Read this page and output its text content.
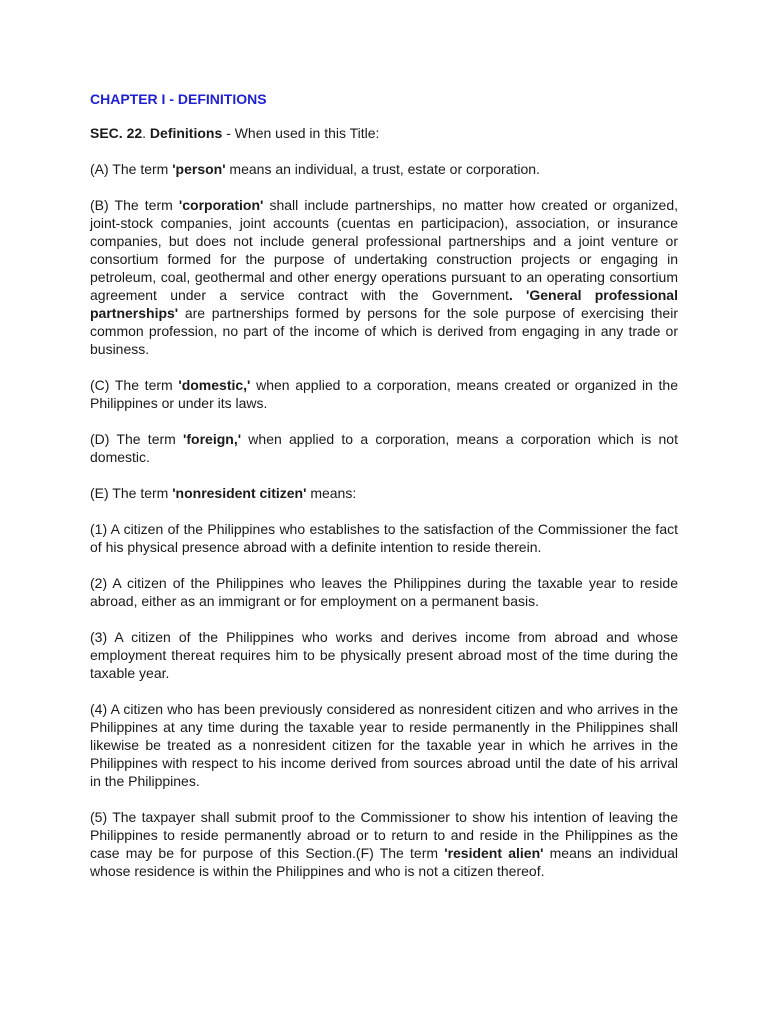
CHAPTER I - DEFINITIONS

SEC. 22. Definitions - When used in this Title:

(A) The term 'person' means an individual, a trust, estate or corporation.

(B) The term 'corporation' shall include partnerships, no matter how created or organized, joint-stock companies, joint accounts (cuentas en participacion), association, or insurance companies, but does not include general professional partnerships and a joint venture or consortium formed for the purpose of undertaking construction projects or engaging in petroleum, coal, geothermal and other energy operations pursuant to an operating consortium agreement under a service contract with the Government. 'General professional partnerships' are partnerships formed by persons for the sole purpose of exercising their common profession, no part of the income of which is derived from engaging in any trade or business.

(C) The term 'domestic,' when applied to a corporation, means created or organized in the Philippines or under its laws.

(D) The term 'foreign,' when applied to a corporation, means a corporation which is not domestic.

(E) The term 'nonresident citizen' means:

(1) A citizen of the Philippines who establishes to the satisfaction of the Commissioner the fact of his physical presence abroad with a definite intention to reside therein.

(2) A citizen of the Philippines who leaves the Philippines during the taxable year to reside abroad, either as an immigrant or for employment on a permanent basis.

(3) A citizen of the Philippines who works and derives income from abroad and whose employment thereat requires him to be physically present abroad most of the time during the taxable year.

(4) A citizen who has been previously considered as nonresident citizen and who arrives in the Philippines at any time during the taxable year to reside permanently in the Philippines shall likewise be treated as a nonresident citizen for the taxable year in which he arrives in the Philippines with respect to his income derived from sources abroad until the date of his arrival in the Philippines.

(5) The taxpayer shall submit proof to the Commissioner to show his intention of leaving the Philippines to reside permanently abroad or to return to and reside in the Philippines as the case may be for purpose of this Section.(F) The term 'resident alien' means an individual whose residence is within the Philippines and who is not a citizen thereof.
